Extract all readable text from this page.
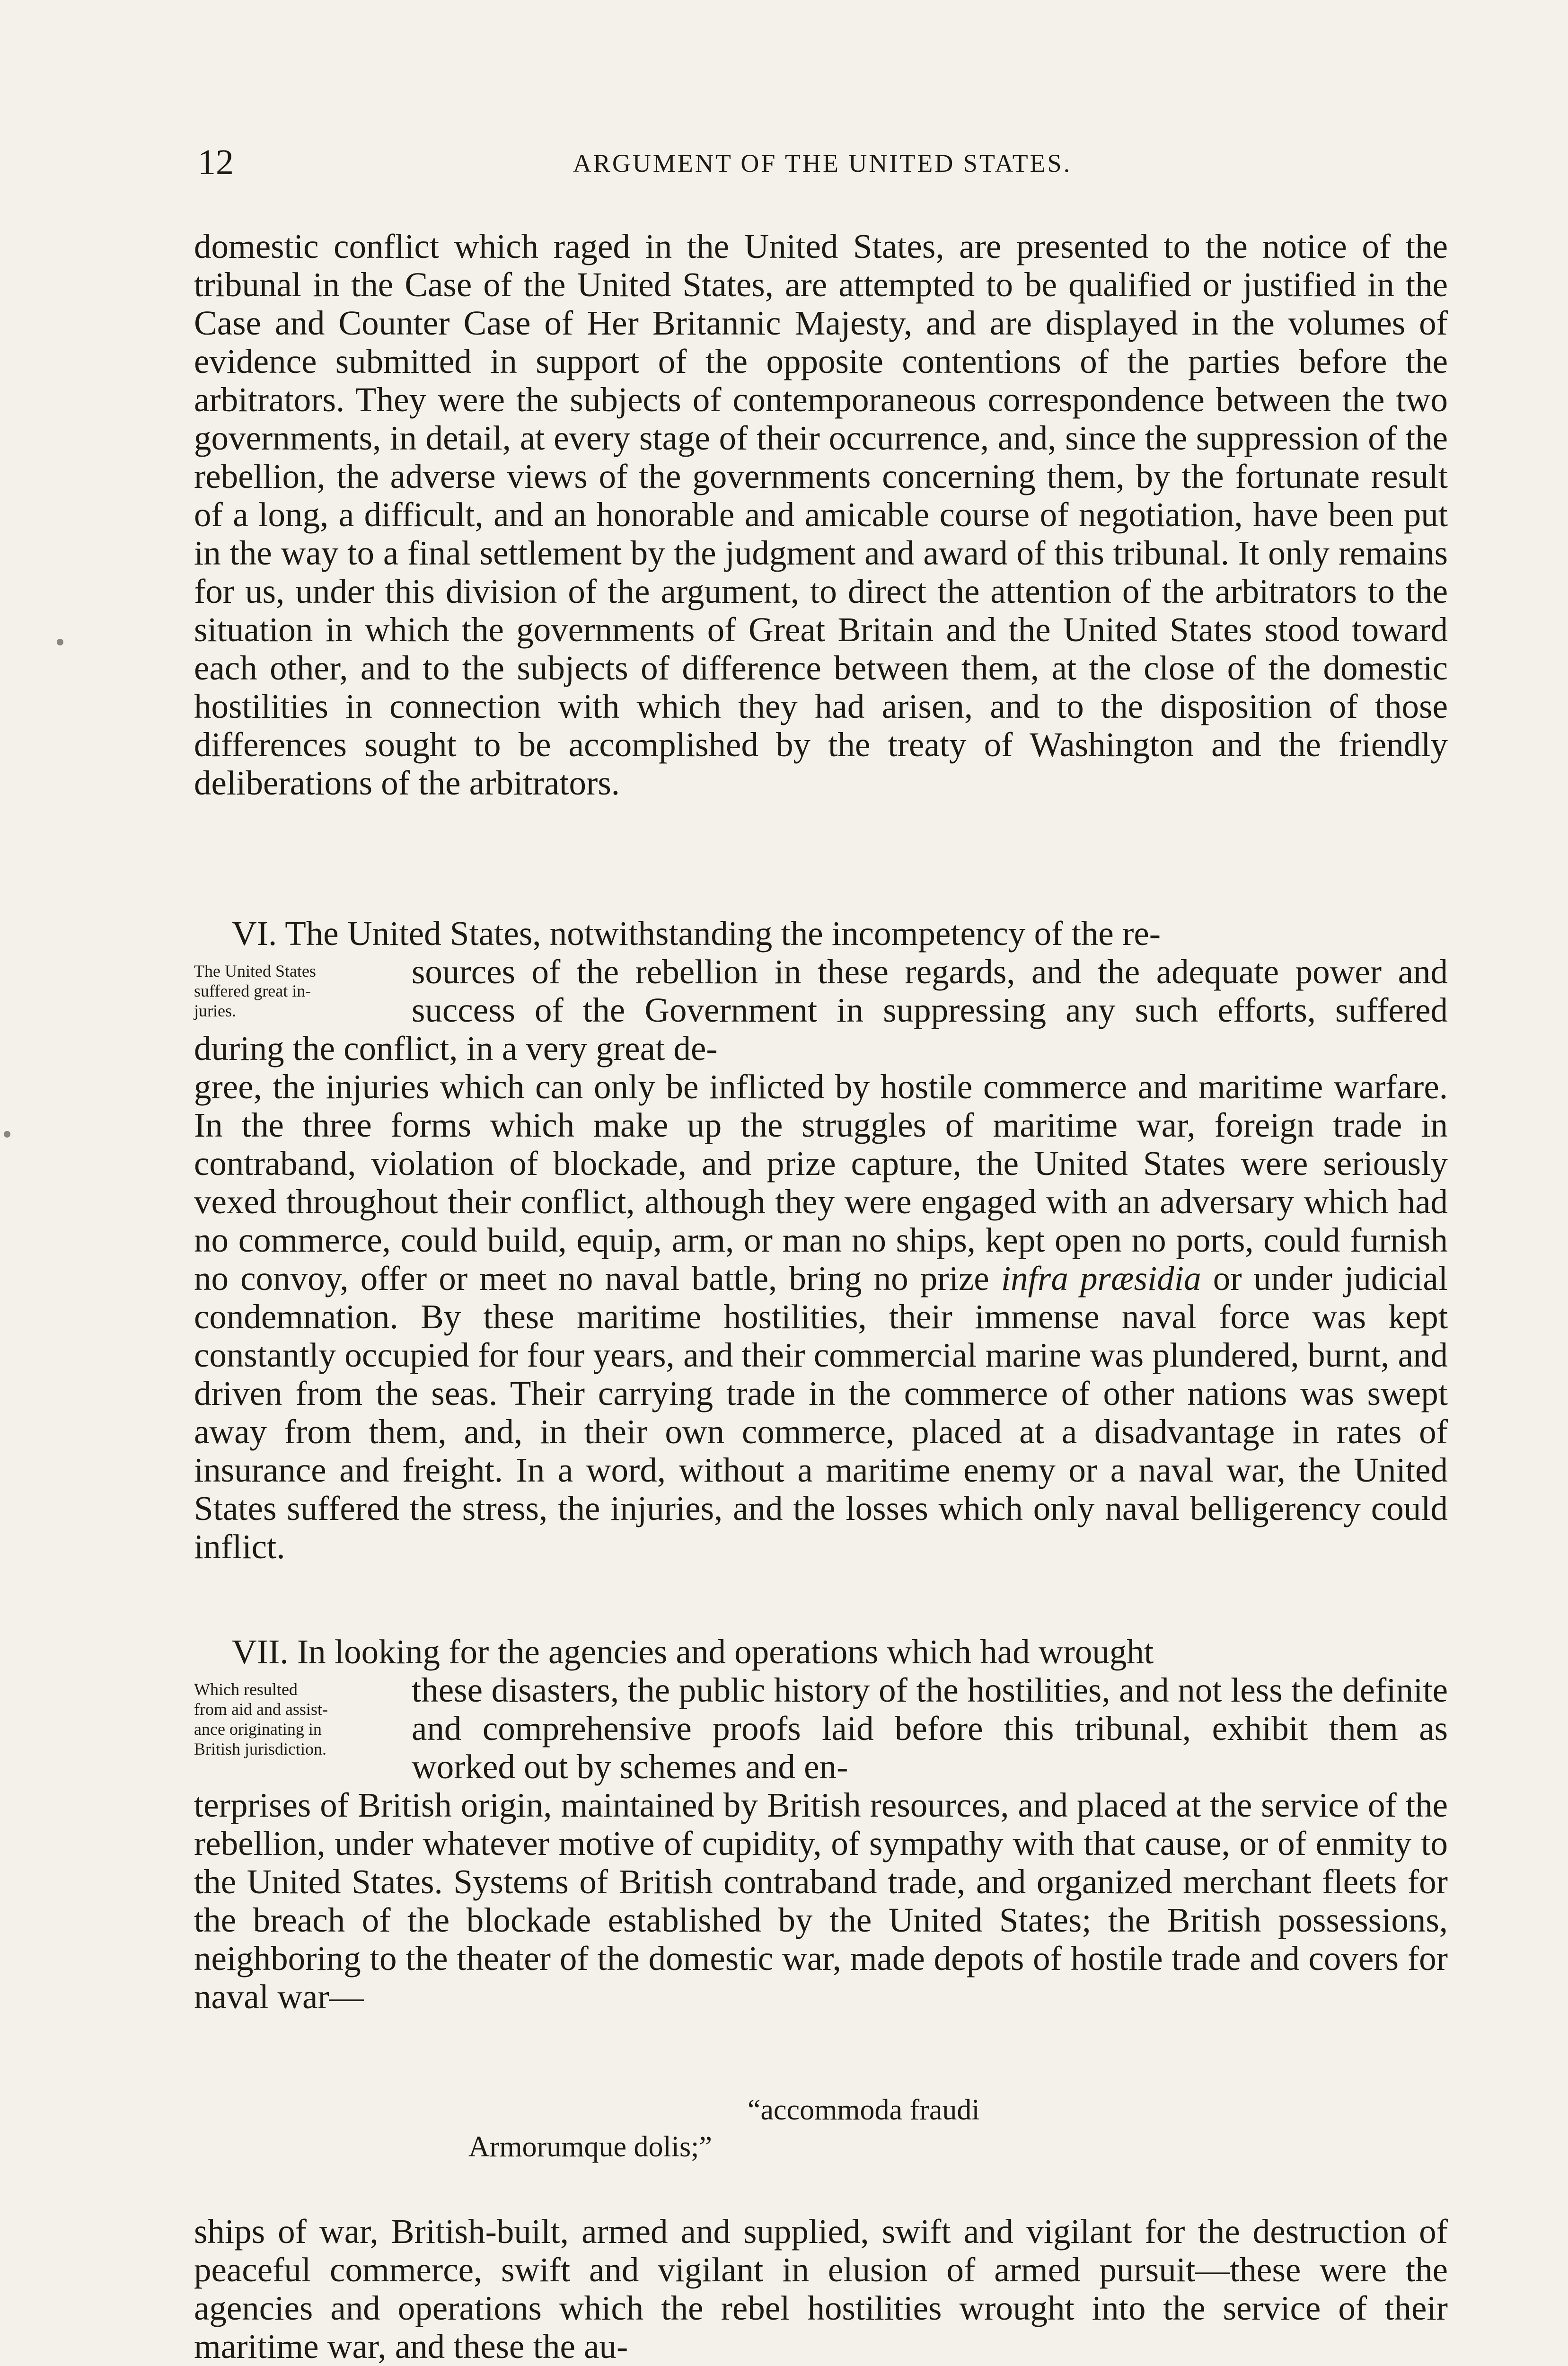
12	ARGUMENT OF THE UNITED STATES.

domestic conflict which raged in the United States, are presented to the notice of the tribunal in the Case of the United States, are attempted to be qualified or justified in the Case and Counter Case of Her Britannic Majesty, and are displayed in the volumes of evidence submitted in support of the opposite contentions of the parties before the arbitrators. They were the subjects of contemporaneous correspondence between the two governments, in detail, at every stage of their occurrence, and, since the suppression of the rebellion, the adverse views of the governments concerning them, by the fortunate result of a long, a difficult, and an honorable and amicable course of negotiation, have been put in the way to a final settlement by the judgment and award of this tribunal. It only remains for us, under this division of the argument, to direct the attention of the arbitrators to the situation in which the governments of Great Britain and the United States stood toward each other, and to the subjects of difference between them, at the close of the domestic hostilities in connection with which they had arisen, and to the disposition of those differences sought to be accomplished by the treaty of Washington and the friendly deliberations of the arbitrators.

VI. The United States, notwithstanding the incompetency of the re-
The United States
suffered great in-
juries.
sources of the rebellion in these regards, and the adequate power and success of the Government in suppressing any such efforts, suffered during the conflict, in a very great de-
gree, the injuries which can only be inflicted by hostile commerce and maritime warfare. In the three forms which make up the struggles of maritime war, foreign trade in contraband, violation of blockade, and prize capture, the United States were seriously vexed throughout their conflict, although they were engaged with an adversary which had no commerce, could build, equip, arm, or man no ships, kept open no ports, could furnish no convoy, offer or meet no naval battle, bring no prize infra præsidia or under judicial condemnation. By these maritime hostilities, their immense naval force was kept constantly occupied for four years, and their commercial marine was plundered, burnt, and driven from the seas. Their carrying trade in the commerce of other nations was swept away from them, and, in their own commerce, placed at a disadvantage in rates of insurance and freight. In a word, without a maritime enemy or a naval war, the United States suffered the stress, the injuries, and the losses which only naval belligerency could inflict.
VII. In looking for the agencies and operations which had wrought
Which resulted
from aid and assist-
ance originating in
British jurisdiction.
these disasters, the public history of the hostilities, and not less the definite and comprehensive proofs laid before this tribunal, exhibit them as worked out by schemes and en-
terprises of British origin, maintained by British resources, and placed at the service of the rebellion, under whatever motive of cupidity, of sympathy with that cause, or of enmity to the United States. Systems of British contraband trade, and organized merchant fleets for the breach of the blockade established by the United States; the British possessions, neighboring to the theater of the domestic war, made depots of hostile trade and covers for naval war—
“accommoda fraudi
Armorumque dolis;”

ships of war, British-built, armed and supplied, swift and vigilant for the destruction of peaceful commerce, swift and vigilant in elusion of armed pursuit—these were the agencies and operations which the rebel hostilities wrought into the service of their maritime war, and these the au-
